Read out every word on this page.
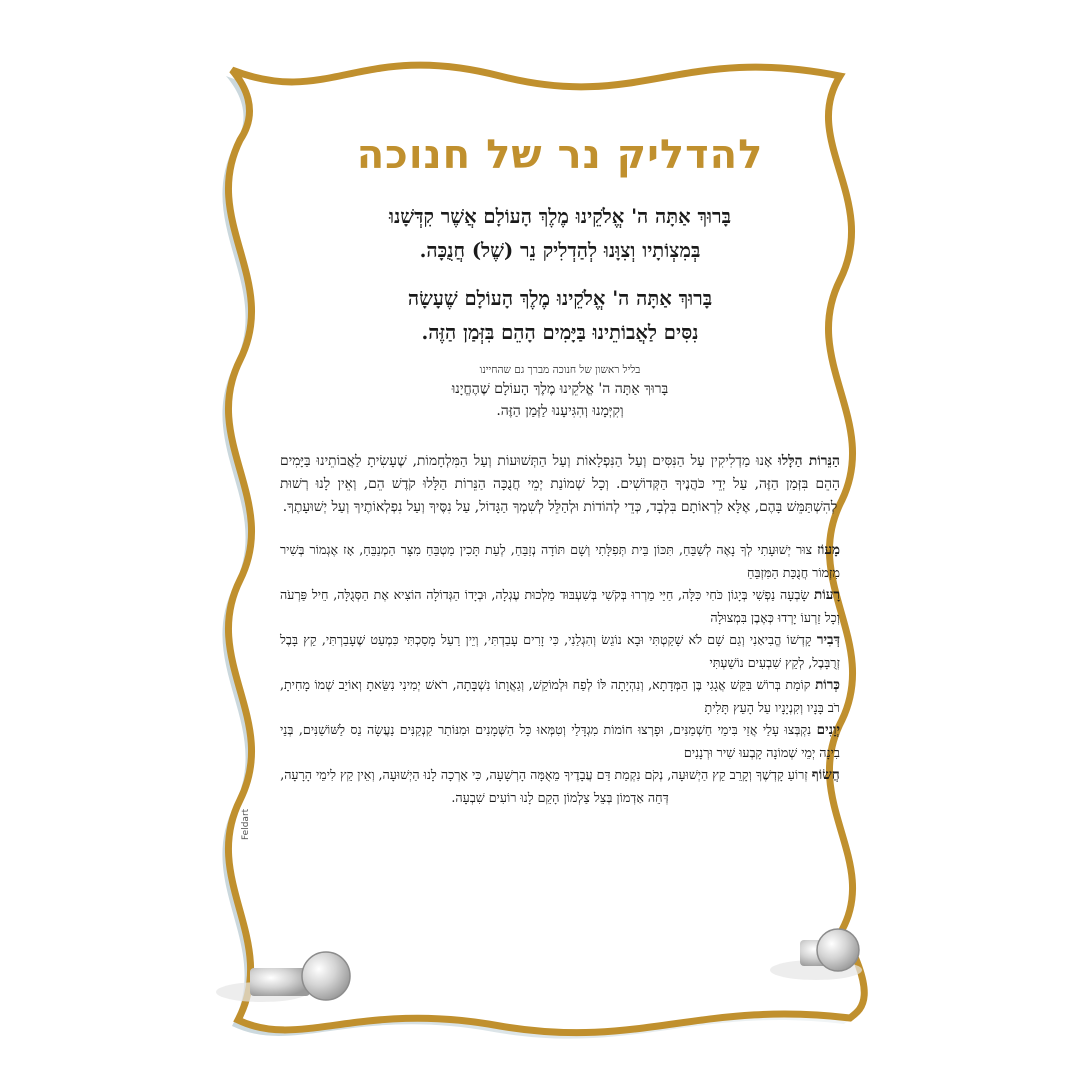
Feldart
להדליק נר של חנוכה
בָּרוּךְ אַתָּה ה' אֱלֹקֵינוּ מֶלֶךְ הָעוֹלָם אֲשֶׁר קִדְּשָׁנוּ
בְּמִצְוֹתָיו וְצִוָּנוּ לְהַדְלִיק נֵר (שֶׁל) חֲנֻכָּה.
בָּרוּךְ אַתָּה ה' אֱלֹקֵינוּ מֶלֶךְ הָעוֹלָם שֶׁעָשָׂה
נִסִּים לַאֲבוֹתֵינוּ בַּיָּמִים הָהֵם בִּזְּמַן הַזֶּה.
בליל ראשון של חנוכה מברך גם שהחיינו
בָּרוּךְ אַתָּה ה' אֱלֹקֵינוּ מֶלֶךְ הָעוֹלָם שֶׁהֶחֱיָנוּ
וְקִיְּמָנוּ וְהִגִּיעָנוּ לַזְּמַן הַזֶּה.

הַנֵּרוֹת הַלָּלוּ אָנוּ מַדְלִיקִין עַל הַנִּסִּים וְעַל הַנִּפְלָאוֹת וְעַל הַתְּשׁוּעוֹת וְעַל הַמִּלְחָמוֹת, שֶׁעָשִׂיתָ לַאֲבוֹתֵינוּ בַּיָּמִים הָהֵם בִּזְּמַן הַזֶּה, עַל יְדֵי כֹּהֲנֶיךָ הַקְּדוֹשִׁים. וְכָל שְׁמוֹנַת יְמֵי חֲנֻכָּה הַנֵּרוֹת הַלָּלוּ קֹדֶשׁ הֵם, וְאֵין לָנוּ רְשׁוּת לְהִשְׁתַּמֵּשׁ בָּהֶם, אֶלָּא לִרְאוֹתָם בִּלְבָד, כְּדֵי לְהוֹדוֹת וּלְהַלֵּל לְשִׁמְךָ הַגָּדוֹל, עַל נִסֶּיךָ וְעַל נִפְלְאוֹתֶיךָ וְעַל יְשׁוּעָתֶךָ.

מָעוֹז צוּר יְשׁוּעָתִי לְךָ נָאֶה לְשַׁבֵּחַ, תִּכּוֹן בֵּית תְּפִלָּתִי וְשָׁם תּוֹדָה נְזַבֵּחַ, לְעֵת תָּכִין מַטְבֵּחַ מִצָּר הַמְנַבֵּחַ, אָז אֶגְמוֹר בְּשִׁיר מִזְמוֹר חֲנֻכַּת הַמִּזְבֵּחַ

רָעוֹת שָׂבְעָה נַפְשִׁי בְּיָגוֹן כֹּחִי כִּלָּה, חַיַּי מֵרְרוּ בְּקֹשִׁי בְּשִׁעְבּוּד מַלְכוּת עֶגְלָה, וּבְיָדוֹ הַגְּדוֹלָה הוֹצִיא אֶת הַסְּגֻלָּה, חֵיל פַּרְעֹה וְכָל זַרְעוֹ יָרְדוּ כְּאֶבֶן בִּמְצוּלָה

דְּבִיר קָדְשׁוֹ הֱבִיאַנִי וְגַם שָׁם לֹא שָׁקַטְתִּי וּבָא נוֹגֵשׂ וְהִגְלַנִי, כִּי זָרִים עָבַדְתִּי, וְיֵין רַעַל מָסַכְתִּי כִּמְעַט שֶׁעָבַרְתִּי, קֵץ בָּבֶל זְרֻבָּבֶל, לְקֵץ שִׁבְעִים נוֹשַׁעְתִּי

כְּרוֹת קוֹמַת בְּרוֹשׁ בִּקֵּשׁ אֲגָגִי בֶּן הַמְּדָתָא, וְנִהְיָתָה לּוֹ לְפַח וּלְמוֹקֵשׁ, וְגַאֲוָתוֹ נִשְׁבָּתָה, רֹאשׁ יְמִינִי נִשֵּׂאתָ וְאוֹיֵב שְׁמוֹ מָחִיתָ, רֹב בָּנָיו וְקִנְיָנָיו עַל הָעֵץ תָּלִיתָ

יְוָנִים נִקְבְּצוּ עָלַי אֲזַי בִּימֵי חַשְׁמַנִּים, וּפָרְצוּ חוֹמוֹת מִגְדָּלַי וְטִמְּאוּ כָּל הַשְּׁמָנִים וּמִנּוֹתַר קַנְקַנִּים נַעֲשָׂה נֵס לַשּׁוֹשַׁנִּים, בְּנֵי בִינָה יְמֵי שְׁמוֹנָה קָבְעוּ שִׁיר וּרְנָנִים

חֲשׂוֹף זְרוֹעַ קָדְשֶׁךָ וְקָרֵב קֵץ הַיְשׁוּעָה, נְקֹם נִקְמַת דַּם עֲבָדֶיךָ מֵאֻמָּה הָרְשָׁעָה, כִּי אָרְכָה לָנוּ הַיְשׁוּעָה, וְאֵין קֵץ לִימֵי הָרָעָה, דְּחֵה אַדְמוֹן בְּצֵל צַלְמוֹן הָקֵם לָנוּ רוֹעִים שִׁבְעָה.
